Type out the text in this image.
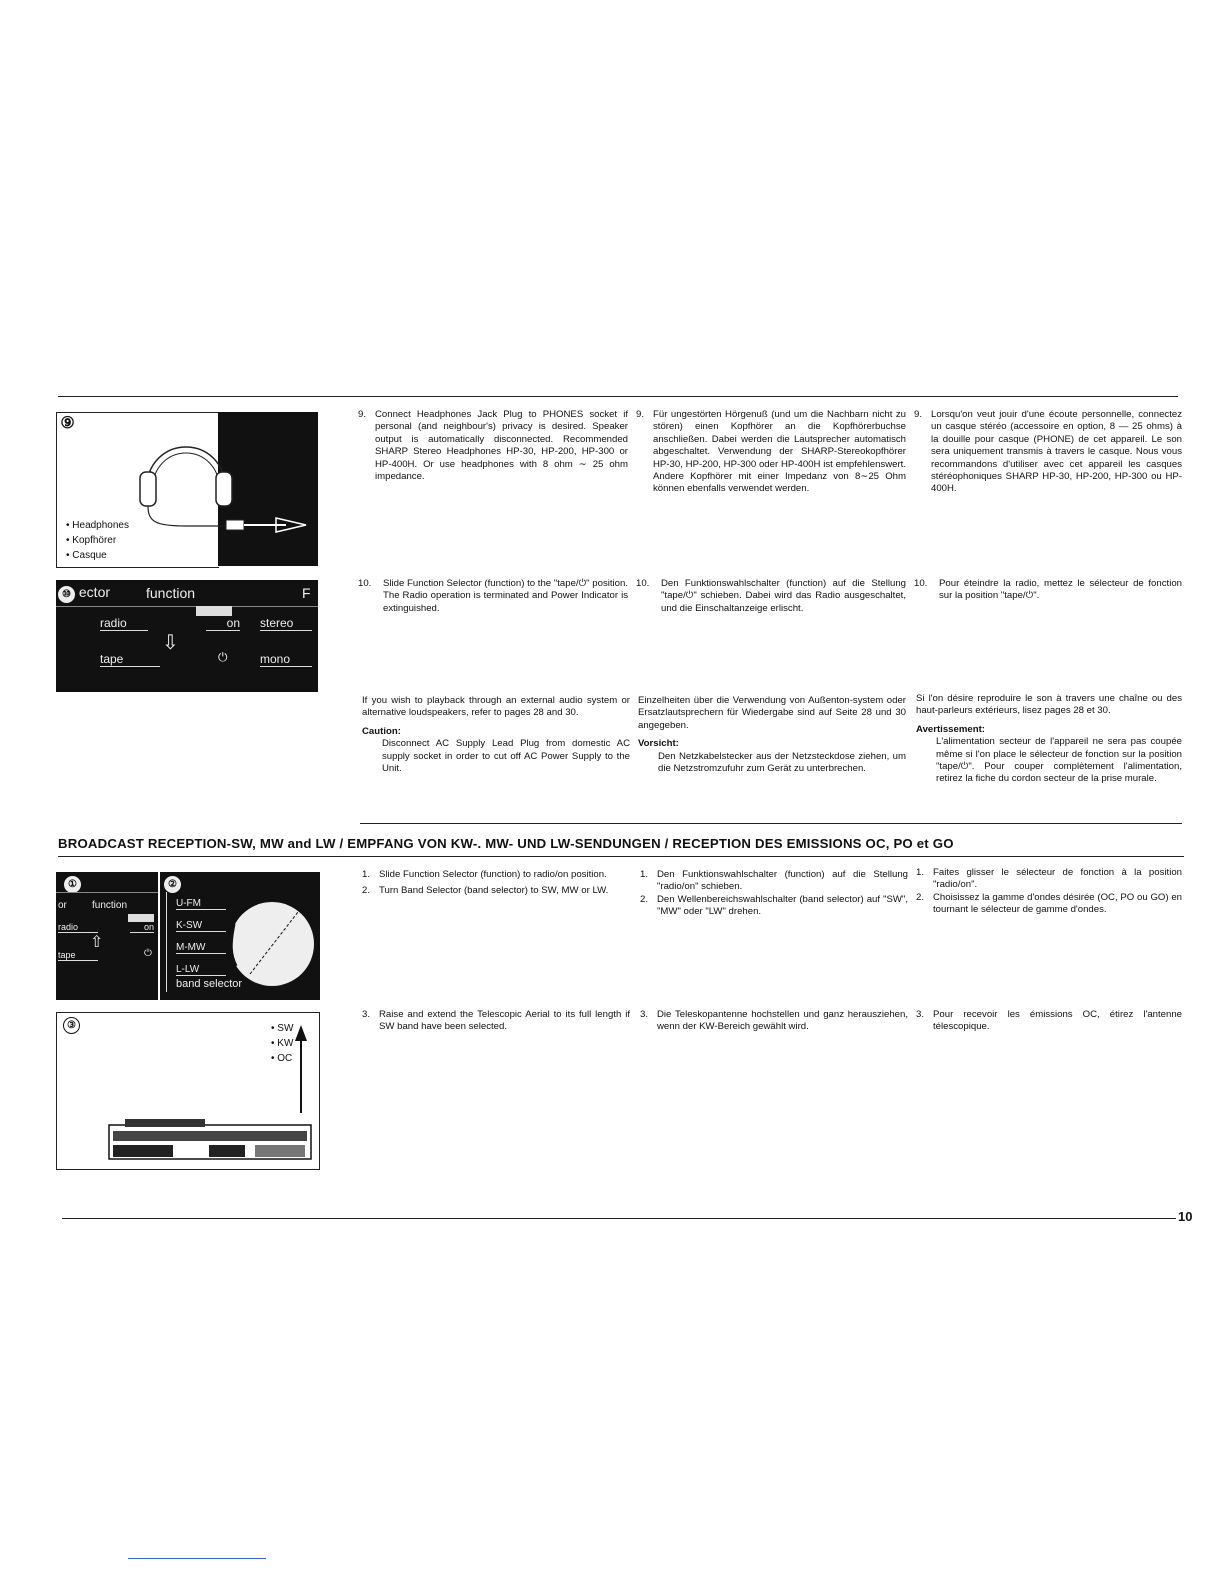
⑨
• Headphones
• Kopfhörer
• Casque
⑩ ector	function	F
radio	on stereo
⇩
tape	⏻	mono
9. Connect Headphones Jack Plug to PHONES socket if personal (and neighbour's) privacy is desired. Speaker output is automatically disconnected. Recommended SHARP Stereo Headphones HP-30, HP-200, HP-300 or HP-400H. Or use headphones with 8 ohm ∼ 25 ohm impedance.
10.	Slide Function Selector (function) to the "tape/⏻" position. The Radio operation is terminated and Power Indicator is extinguished.
If you wish to playback through an external audio system or alternative loudspeakers, refer to pages 28 and 30.
Caution:
Disconnect AC Supply Lead Plug from domestic AC supply socket in order to cut off AC Power Supply to the Unit.
9. Für ungestörten Hörgenuß (und um die Nachbarn nicht zu stören) einen Kopfhörer an die Kopfhörerbuchse anschließen. Dabei werden die Lautsprecher automatisch abgeschaltet. Verwendung der SHARP-Stereokopfhörer HP-30, HP-200, HP-300 oder HP-400H ist empfehlenswert. Andere Kopfhörer mit einer Impedanz von 8∼25 Ohm können ebenfalls verwendet werden.
10.	Den Funktionswahlschalter (function) auf die Stellung "tape/⏻" schieben. Dabei wird das Radio ausgeschaltet, und die Einschaltanzeige erlischt.
Einzelheiten über die Verwendung von Außenton-system oder Ersatzlautsprechern für Wiedergabe sind auf Seite 28 und 30 angegeben.
Vorsicht:
Den Netzkabelstecker aus der Netzsteckdose ziehen, um die Netzstromzufuhr zum Gerät zu unterbrechen.
9. Lorsqu'on veut jouir d'une écoute personnelle, connectez un casque stéréo (accessoire en option, 8 — 25 ohms) à la douille pour casque (PHONE) de cet appareil. Le son sera uniquement transmis à travers le casque. Nous vous recommandons d'utiliser avec cet appareil les casques stéréophoniques SHARP HP-30, HP-200, HP-300 ou HP-400H.
10.	Pour éteindre la radio, mettez le sélecteur de fonction sur la position "tape/⏻".
Si l'on désire reproduire le son à travers une chaîne ou des haut-parleurs extérieurs, lisez pages 28 et 30.
Avertissement:
L'alimentation secteur de l'appareil ne sera pas coupée même si l'on place le sélecteur de fonction sur la position "tape/⏻". Pour couper complètement l'alimentation, retirez la fiche du cordon secteur de la prise murale.
BROADCAST RECEPTION-SW, MW and LW / EMPFANG VON KW-. MW- UND LW-SENDUNGEN / RECEPTION DES EMISSIONS OC, PO et GO
①
or	function
radio	on
⇧
tape	⏻
②
U-FM
K-SW
M-MW
L-LW
band selector
③	• SW
• KW
• OC
1. Slide Function Selector (function) to radio/on position.
2. Turn Band Selector (band selector) to SW, MW or LW.
3. Raise and extend the Telescopic Aerial to its full length if SW band have been selected.
1. Den Funktionswahlschalter (function) auf die Stellung "radio/on" schieben.
2. Den Wellenbereichswahlschalter (band selector) auf "SW", "MW" oder "LW" drehen.
3. Die Teleskopantenne hochstellen und ganz herausziehen, wenn der KW-Bereich gewählt wird.
1. Faites glisser le sélecteur de fonction à la position "radio/on".
2. Choisissez la gamme d'ondes désirée (OC, PO ou GO) en tournant le sélecteur de gamme d'ondes.
3. Pour recevoir les émissions OC, étirez l'antenne télescopique.
10
